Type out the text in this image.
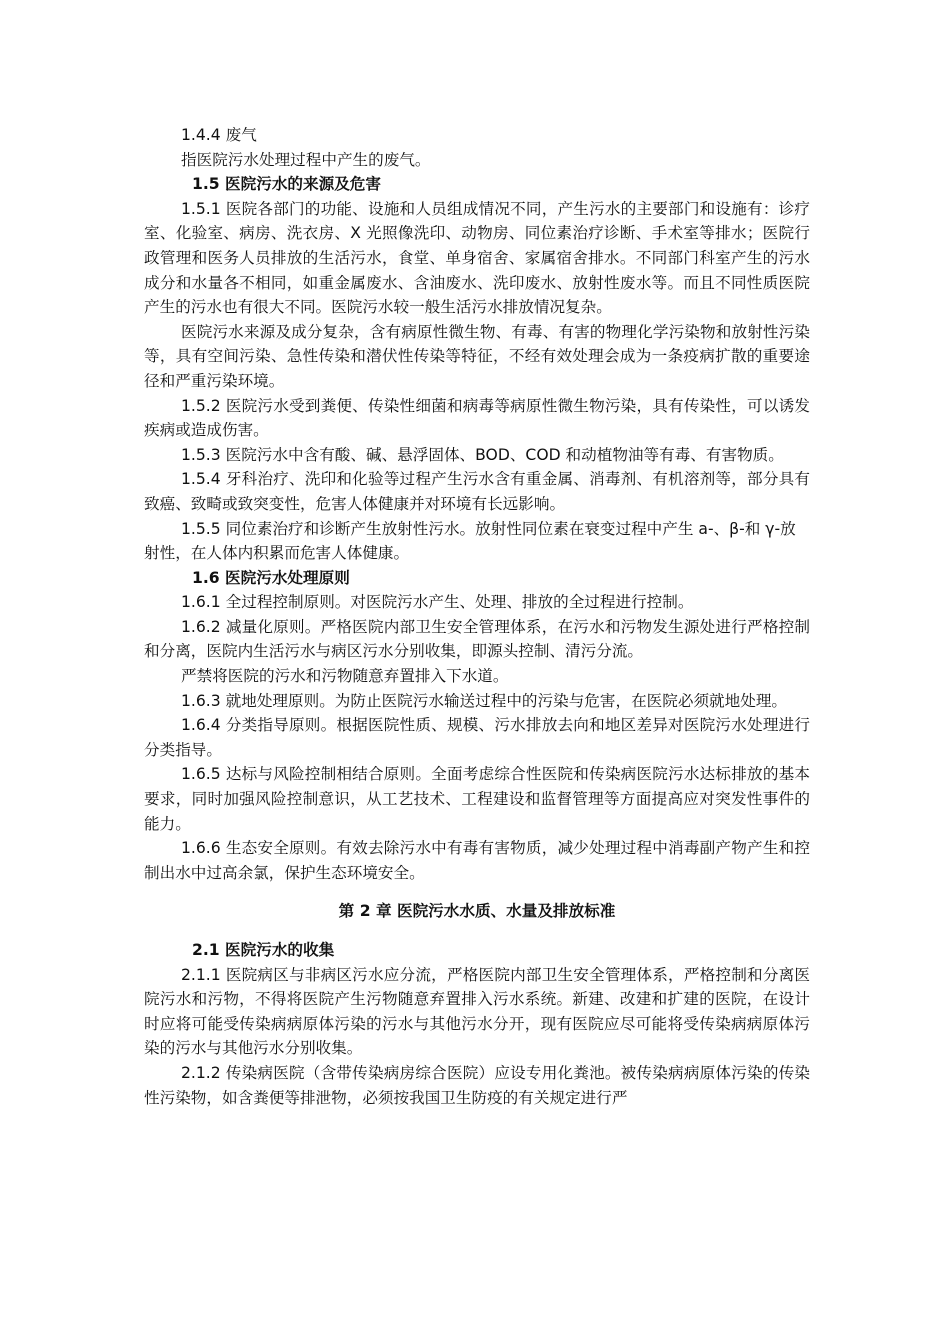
1.4.4 废气

指医院污水处理过程中产生的废气。

1.5 医院污水的来源及危害

1.5.1 医院各部门的功能、设施和人员组成情况不同，产生污水的主要部门和设施有：诊疗室、化验室、病房、洗衣房、X 光照像洗印、动物房、同位素治疗诊断、手术室等排水；医院行政管理和医务人员排放的生活污水，食堂、单身宿舍、家属宿舍排水。不同部门科室产生的污水成分和水量各不相同，如重金属废水、含油废水、洗印废水、放射性废水等。而且不同性质医院产生的污水也有很大不同。医院污水较一般生活污水排放情况复杂。

医院污水来源及成分复杂，含有病原性微生物、有毒、有害的物理化学污染物和放射性污染等，具有空间污染、急性传染和潜伏性传染等特征，不经有效处理会成为一条疫病扩散的重要途径和严重污染环境。

1.5.2 医院污水受到粪便、传染性细菌和病毒等病原性微生物污染，具有传染性，可以诱发疾病或造成伤害。

1.5.3 医院污水中含有酸、碱、悬浮固体、BOD、COD 和动植物油等有毒、有害物质。

1.5.4 牙科治疗、洗印和化验等过程产生污水含有重金属、消毒剂、有机溶剂等，部分具有致癌、致畸或致突变性，危害人体健康并对环境有长远影响。

1.5.5 同位素治疗和诊断产生放射性污水。放射性同位素在衰变过程中产生 a-、β-和 γ-放射性，在人体内积累而危害人体健康。

1.6 医院污水处理原则

1.6.1 全过程控制原则。对医院污水产生、处理、排放的全过程进行控制。

1.6.2 减量化原则。严格医院内部卫生安全管理体系，在污水和污物发生源处进行严格控制和分离，医院内生活污水与病区污水分别收集，即源头控制、清污分流。

严禁将医院的污水和污物随意弃置排入下水道。

1.6.3 就地处理原则。为防止医院污水输送过程中的污染与危害，在医院必须就地处理。

1.6.4 分类指导原则。根据医院性质、规模、污水排放去向和地区差异对医院污水处理进行分类指导。

1.6.5 达标与风险控制相结合原则。全面考虑综合性医院和传染病医院污水达标排放的基本要求，同时加强风险控制意识，从工艺技术、工程建设和监督管理等方面提高应对突发性事件的能力。

1.6.6 生态安全原则。有效去除污水中有毒有害物质，减少处理过程中消毒副产物产生和控制出水中过高余氯，保护生态环境安全。

第 2 章 医院污水水质、水量及排放标准

2.1 医院污水的收集

2.1.1 医院病区与非病区污水应分流，严格医院内部卫生安全管理体系，严格控制和分离医院污水和污物，不得将医院产生污物随意弃置排入污水系统。新建、改建和扩建的医院，在设计时应将可能受传染病病原体污染的污水与其他污水分开，现有医院应尽可能将受传染病病原体污染的污水与其他污水分别收集。

2.1.2 传染病医院（含带传染病房综合医院）应设专用化粪池。被传染病病原体污染的传染性污染物，如含粪便等排泄物，必须按我国卫生防疫的有关规定进行严
